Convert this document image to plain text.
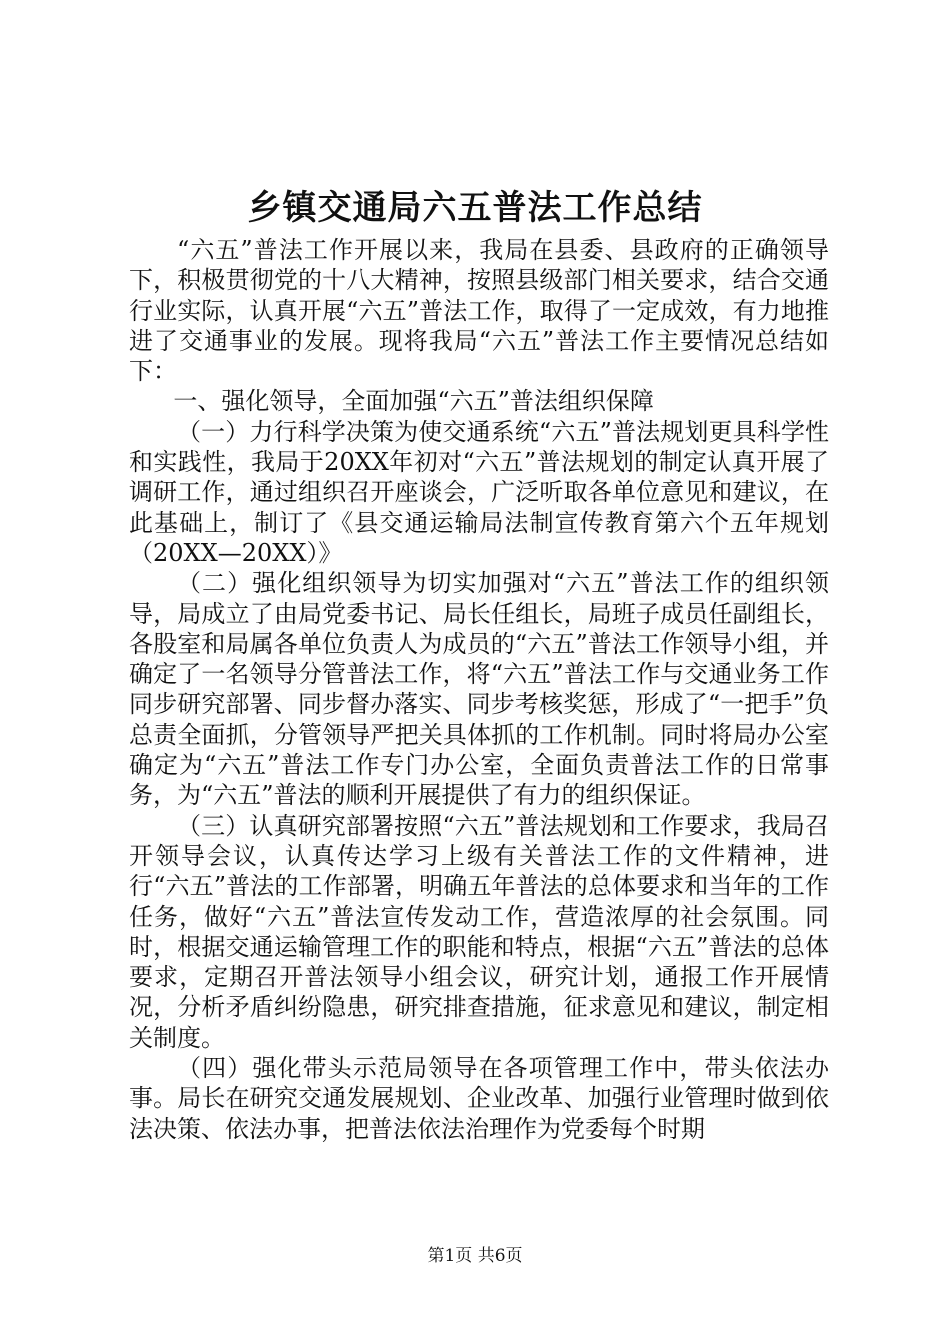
乡镇交通局六五普法工作总结

“六五”普法工作开展以来，我局在县委、县政府的正确领导下，积极贯彻党的十八大精神，按照县级部门相关要求，结合交通行业实际，认真开展“六五”普法工作，取得了一定成效，有力地推进了交通事业的发展。现将我局“六五”普法工作主要情况总结如下：

一、强化领导，全面加强“六五”普法组织保障

（一）力行科学决策为使交通系统“六五”普法规划更具科学性和实践性，我局于20XX年初对“六五”普法规划的制定认真开展了调研工作，通过组织召开座谈会，广泛听取各单位意见和建议，在此基础上，制订了《县交通运输局法制宣传教育第六个五年规划（20XX—20XX）》

（二）强化组织领导为切实加强对“六五”普法工作的组织领导，局成立了由局党委书记、局长任组长，局班子成员任副组长，各股室和局属各单位负责人为成员的“六五”普法工作领导小组，并确定了一名领导分管普法工作，将“六五”普法工作与交通业务工作同步研究部署、同步督办落实、同步考核奖惩，形成了“一把手”负总责全面抓，分管领导严把关具体抓的工作机制。同时将局办公室确定为“六五”普法工作专门办公室，全面负责普法工作的日常事务，为“六五”普法的顺利开展提供了有力的组织保证。

（三）认真研究部署按照“六五”普法规划和工作要求，我局召开领导会议，认真传达学习上级有关普法工作的文件精神，进行“六五”普法的工作部署，明确五年普法的总体要求和当年的工作任务，做好“六五”普法宣传发动工作，营造浓厚的社会氛围。同时，根据交通运输管理工作的职能和特点，根据“六五”普法的总体要求，定期召开普法领导小组会议，研究计划，通报工作开展情况，分析矛盾纠纷隐患，研究排查措施，征求意见和建议，制定相关制度。

（四）强化带头示范局领导在各项管理工作中，带头依法办事。局长在研究交通发展规划、企业改革、加强行业管理时做到依法决策、依法办事，把普法依法治理作为党委每个时期

第1页 共6页
